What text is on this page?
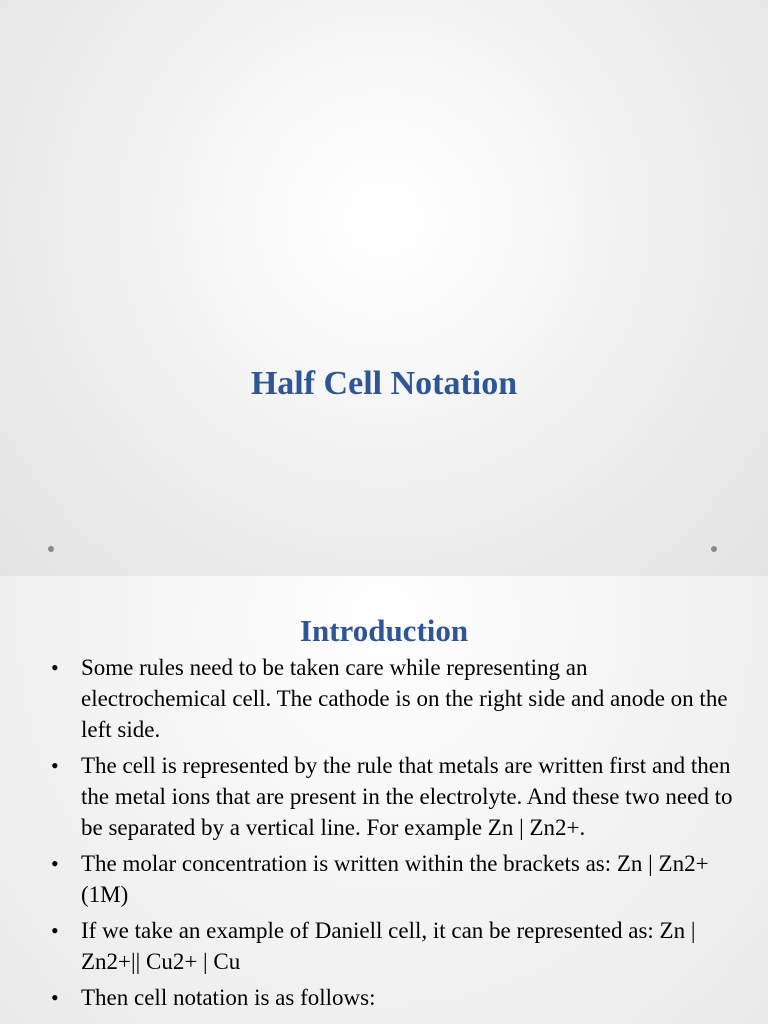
Half Cell Notation
Introduction
• Some rules need to be taken care while representing an electrochemical cell. The cathode is on the right side and anode on the left side.
• The cell is represented by the rule that metals are written first and then the metal ions that are present in the electrolyte. And these two need to be separated by a vertical line. For example Zn | Zn2+.
• The molar concentration is written within the brackets as: Zn | Zn2+(1M)
• If we take an example of Daniell cell, it can be represented as: Zn | Zn2+|| Cu2+ | Cu
• Then cell notation is as follows:
